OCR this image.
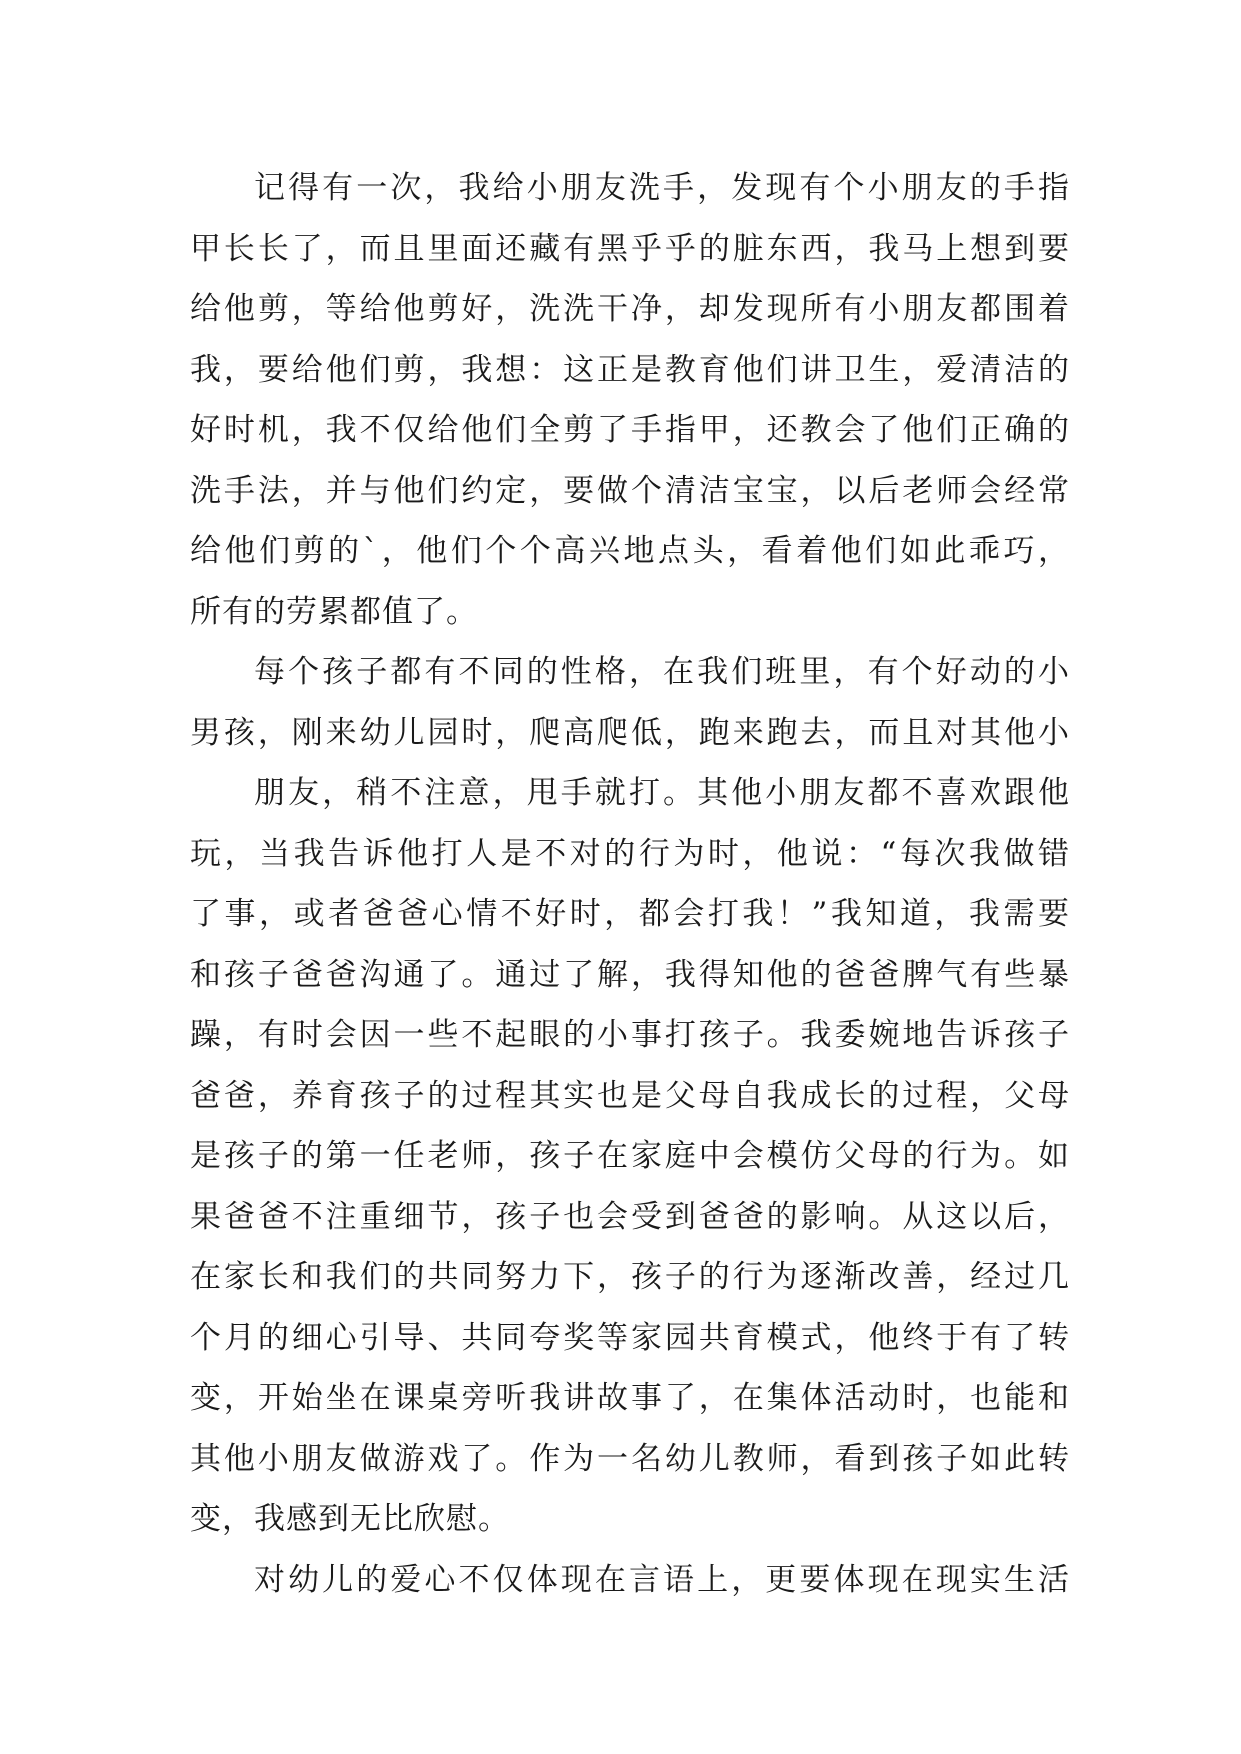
记得有一次，我给小朋友洗手，发现有个小朋友的手指
甲长长了，而且里面还藏有黑乎乎的脏东西，我马上想到要
给他剪，等给他剪好，洗洗干净，却发现所有小朋友都围着
我，要给他们剪，我想：这正是教育他们讲卫生，爱清洁的
好时机，我不仅给他们全剪了手指甲，还教会了他们正确的
洗手法，并与他们约定，要做个清洁宝宝，以后老师会经常
给他们剪的`，他们个个高兴地点头，看着他们如此乖巧，
所有的劳累都值了。
每个孩子都有不同的性格，在我们班里，有个好动的小
男孩，刚来幼儿园时，爬高爬低，跑来跑去，而且对其他小
朋友，稍不注意，甩手就打。其他小朋友都不喜欢跟他
玩，当我告诉他打人是不对的行为时，他说：“每次我做错
了事，或者爸爸心情不好时，都会打我！”我知道，我需要
和孩子爸爸沟通了。通过了解，我得知他的爸爸脾气有些暴
躁，有时会因一些不起眼的小事打孩子。我委婉地告诉孩子
爸爸，养育孩子的过程其实也是父母自我成长的过程，父母
是孩子的第一任老师，孩子在家庭中会模仿父母的行为。如
果爸爸不注重细节，孩子也会受到爸爸的影响。从这以后，
在家长和我们的共同努力下，孩子的行为逐渐改善，经过几
个月的细心引导、共同夸奖等家园共育模式，他终于有了转
变，开始坐在课桌旁听我讲故事了，在集体活动时，也能和
其他小朋友做游戏了。作为一名幼儿教师，看到孩子如此转
变，我感到无比欣慰。
对幼儿的爱心不仅体现在言语上，更要体现在现实生活
